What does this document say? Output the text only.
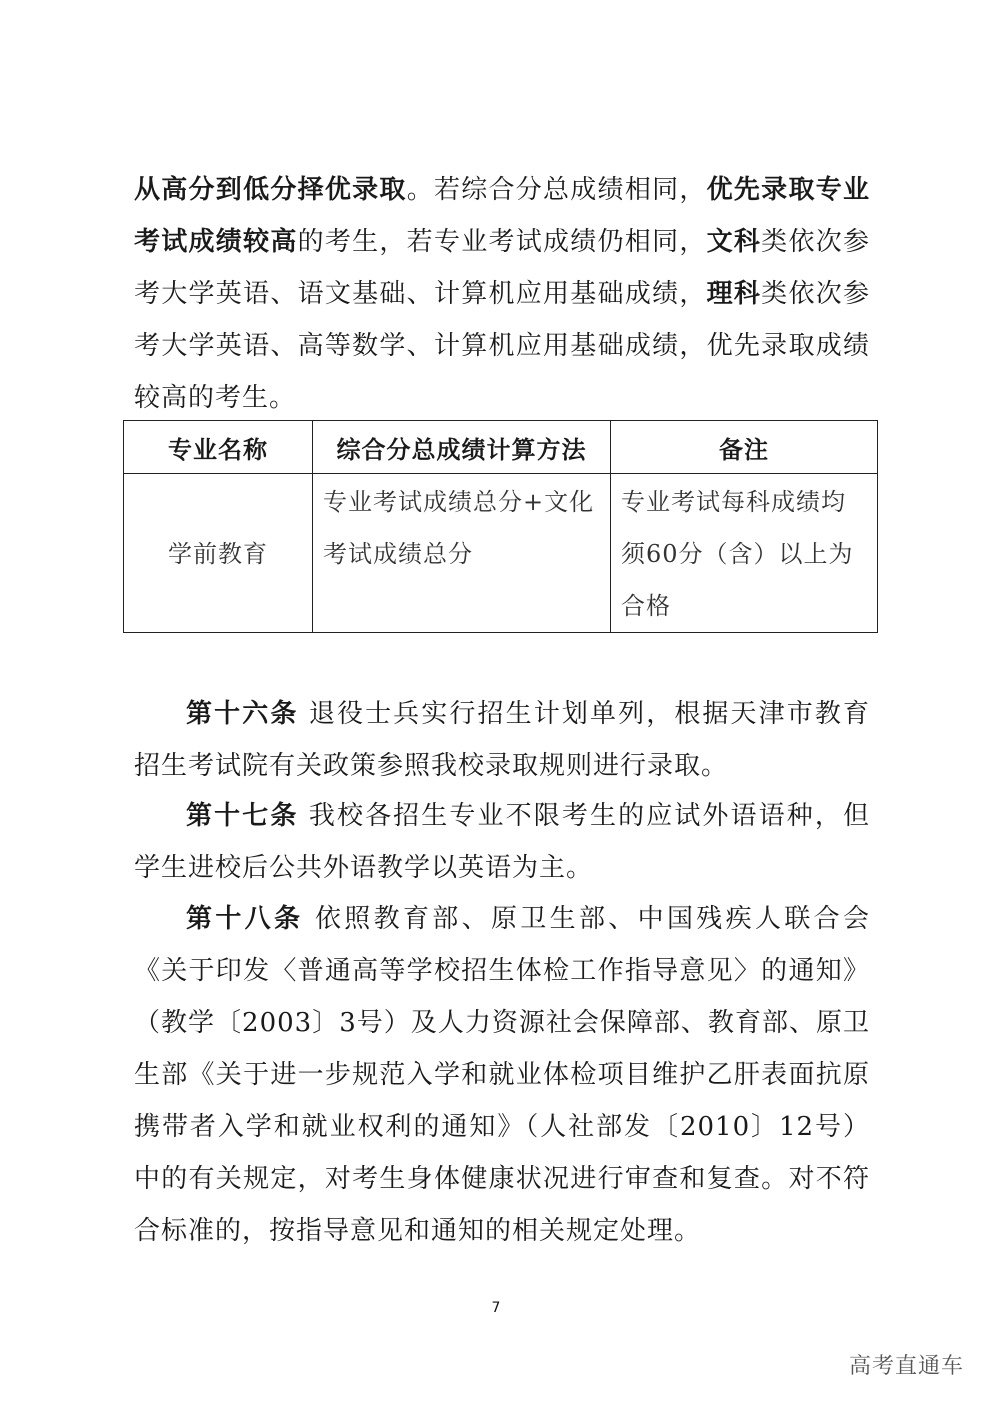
从高分到低分择优录取。若综合分总成绩相同，优先录取专业考试成绩较高的考生，若专业考试成绩仍相同，文科类依次参考大学英语、语文基础、计算机应用基础成绩，理科类依次参考大学英语、高等数学、计算机应用基础成绩，优先录取成绩较高的考生。

专业名称	综合分总成绩计算方法	备注
学前教育	专业考试成绩总分+文化考试成绩总分	专业考试每科成绩均须60分（含）以上为合格

第十六条 退役士兵实行招生计划单列，根据天津市教育招生考试院有关政策参照我校录取规则进行录取。

第十七条 我校各招生专业不限考生的应试外语语种，但学生进校后公共外语教学以英语为主。

第十八条 依照教育部、原卫生部、中国残疾人联合会《关于印发〈普通高等学校招生体检工作指导意见〉的通知》（教学〔2003〕3号）及人力资源社会保障部、教育部、原卫生部《关于进一步规范入学和就业体检项目维护乙肝表面抗原携带者入学和就业权利的通知》（人社部发〔2010〕12号）中的有关规定，对考生身体健康状况进行审查和复查。对不符合标准的，按指导意见和通知的相关规定处理。

7
高考直通车
